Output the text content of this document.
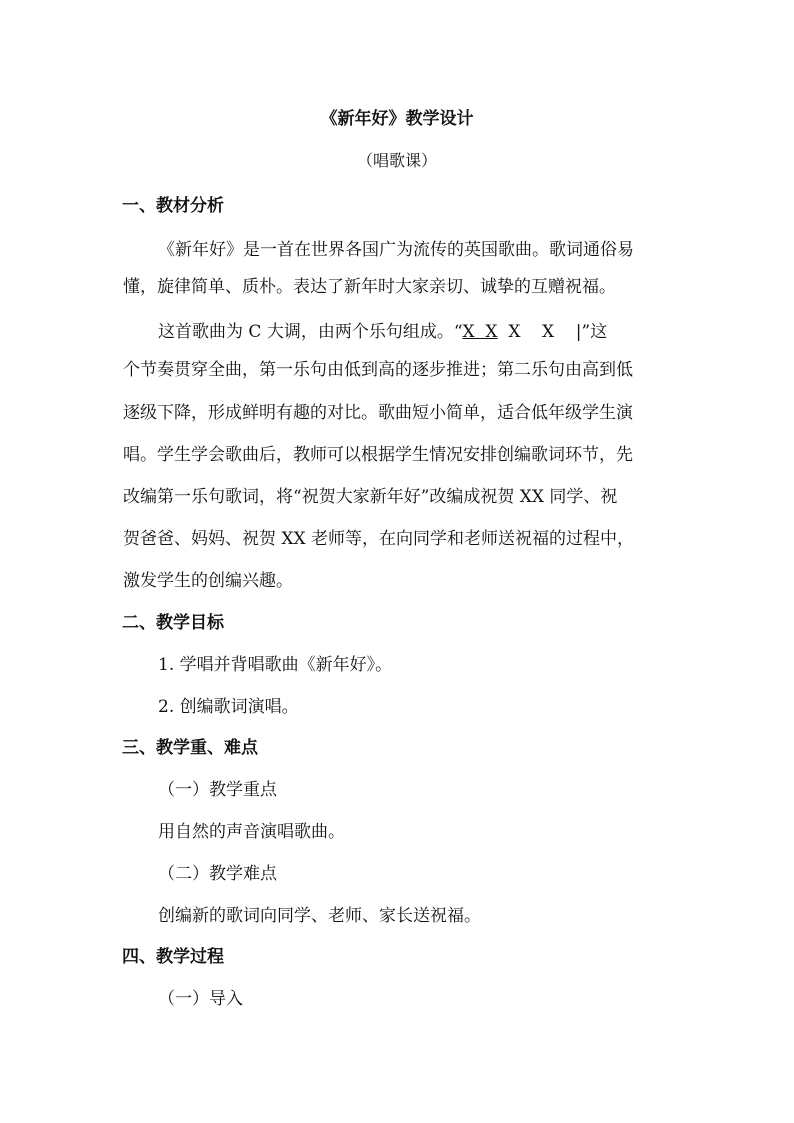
《新年好》教学设计
（唱歌课）
一、教材分析
《新年好》是一首在世界各国广为流传的英国歌曲。歌词通俗易
懂，旋律简单、质朴。表达了新年时大家亲切、诚挚的互赠祝福。
这首歌曲为 C 大调，由两个乐句组成。“X  X  X    X    |”这
个节奏贯穿全曲，第一乐句由低到高的逐步推进；第二乐句由高到低
逐级下降，形成鲜明有趣的对比。歌曲短小简单，适合低年级学生演
唱。学生学会歌曲后，教师可以根据学生情况安排创编歌词环节，先
改编第一乐句歌词，将“祝贺大家新年好”改编成祝贺 XX 同学、祝
贺爸爸、妈妈、祝贺 XX 老师等，在向同学和老师送祝福的过程中，
激发学生的创编兴趣。
二、教学目标
1. 学唱并背唱歌曲《新年好》。
2. 创编歌词演唱。
三、教学重、难点
（一）教学重点
用自然的声音演唱歌曲。
（二）教学难点
创编新的歌词向同学、老师、家长送祝福。
四、教学过程
（一）导入
